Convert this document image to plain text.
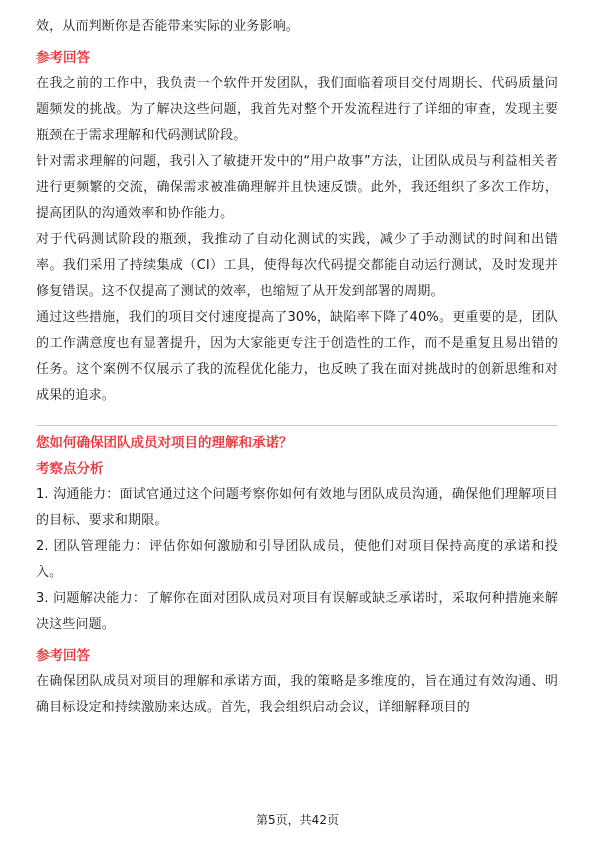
效，从而判断你是否能带来实际的业务影响。

参考回答

在我之前的工作中，我负责一个软件开发团队，我们面临着项目交付周期长、代码质量问题频发的挑战。为了解决这些问题，我首先对整个开发流程进行了详细的审查，发现主要瓶颈在于需求理解和代码测试阶段。

针对需求理解的问题，我引入了敏捷开发中的“用户故事”方法，让团队成员与利益相关者进行更频繁的交流，确保需求被准确理解并且快速反馈。此外，我还组织了多次工作坊，提高团队的沟通效率和协作能力。

对于代码测试阶段的瓶颈，我推动了自动化测试的实践，减少了手动测试的时间和出错率。我们采用了持续集成（CI）工具，使得每次代码提交都能自动运行测试，及时发现并修复错误。这不仅提高了测试的效率，也缩短了从开发到部署的周期。

通过这些措施，我们的项目交付速度提高了30%，缺陷率下降了40%。更重要的是，团队的工作满意度也有显著提升，因为大家能更专注于创造性的工作，而不是重复且易出错的任务。这个案例不仅展示了我的流程优化能力，也反映了我在面对挑战时的创新思维和对成果的追求。

您如何确保团队成员对项目的理解和承诺？
考察点分析

1. 沟通能力：面试官通过这个问题考察你如何有效地与团队成员沟通，确保他们理解项目的目标、要求和期限。

2. 团队管理能力：评估你如何激励和引导团队成员，使他们对项目保持高度的承诺和投入。

3. 问题解决能力：了解你在面对团队成员对项目有误解或缺乏承诺时，采取何种措施来解决这些问题。

参考回答

在确保团队成员对项目的理解和承诺方面，我的策略是多维度的，旨在通过有效沟通、明确目标设定和持续激励来达成。首先，我会组织启动会议，详细解释项目的

第5页，共42页
